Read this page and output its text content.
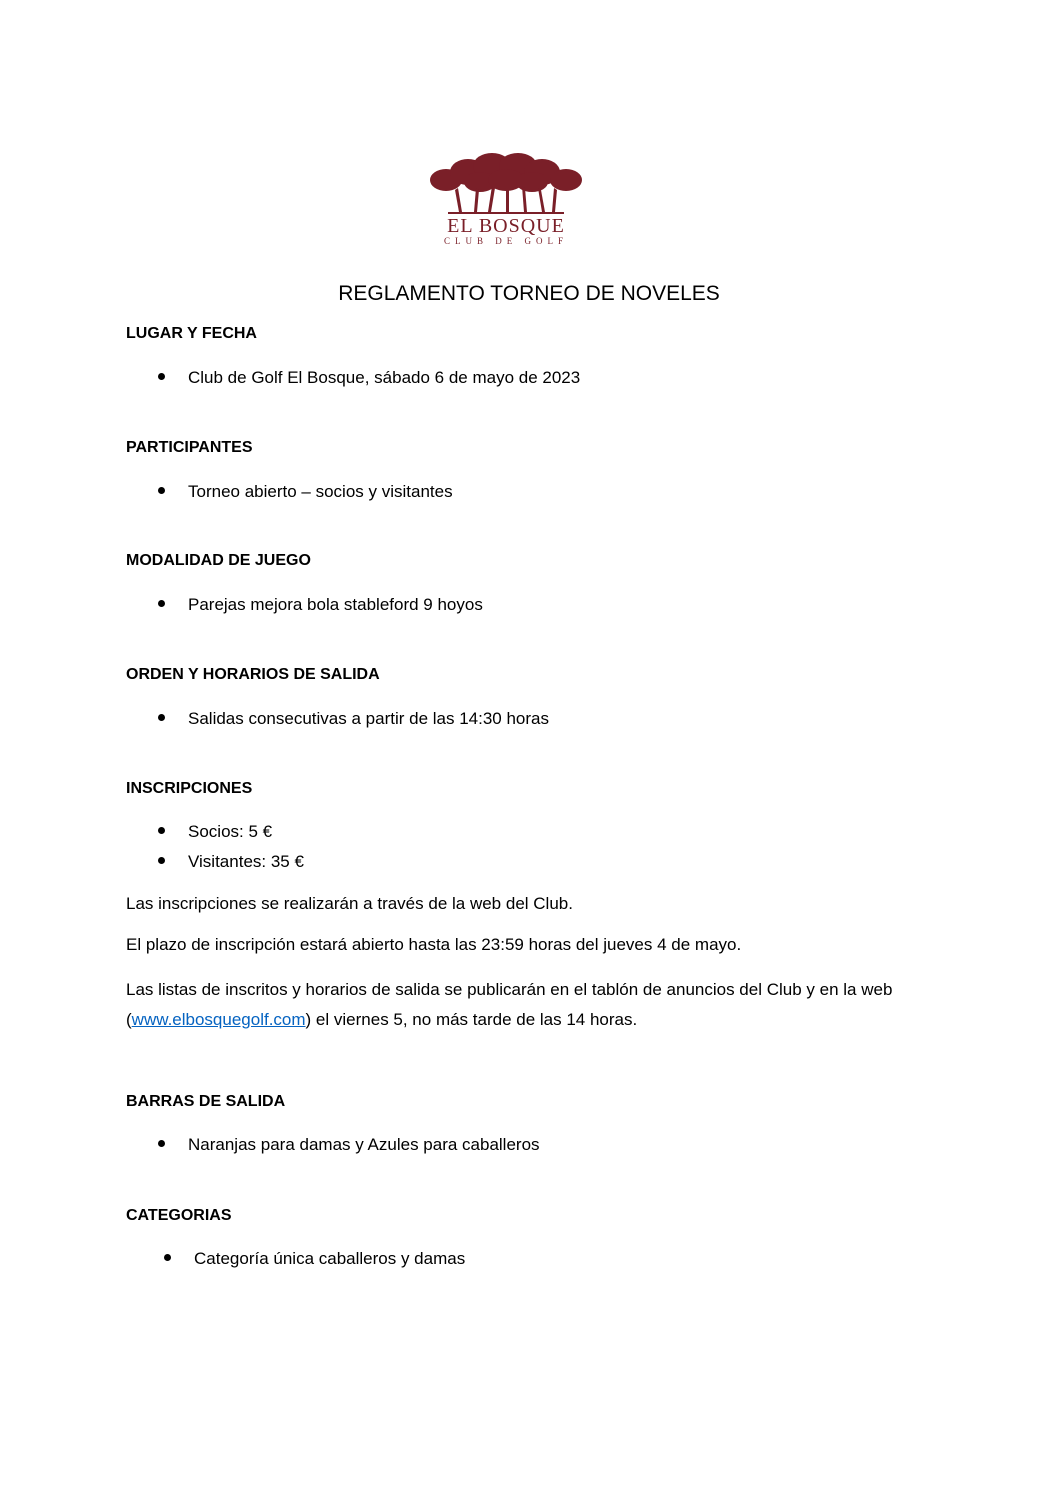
EL BOSQUE
CLUB DE GOLF
REGLAMENTO TORNEO DE NOVELES
LUGAR Y FECHA
Club de Golf El Bosque, sábado 6 de mayo de 2023
PARTICIPANTES
Torneo abierto – socios y visitantes
MODALIDAD DE JUEGO
Parejas mejora bola stableford 9 hoyos
ORDEN Y HORARIOS DE SALIDA
Salidas consecutivas a partir de las 14:30 horas
INSCRIPCIONES
Socios: 5 €
Visitantes: 35 €
Las inscripciones se realizarán a través de la web del Club.
El plazo de inscripción estará abierto hasta las 23:59 horas del jueves 4 de mayo.
Las listas de inscritos y horarios de salida se publicarán en el tablón de anuncios del Club y en la web (www.elbosquegolf.com) el viernes 5, no más tarde de las 14 horas.
BARRAS DE SALIDA
Naranjas para damas y Azules para caballeros
CATEGORIAS
Categoría única caballeros y damas
